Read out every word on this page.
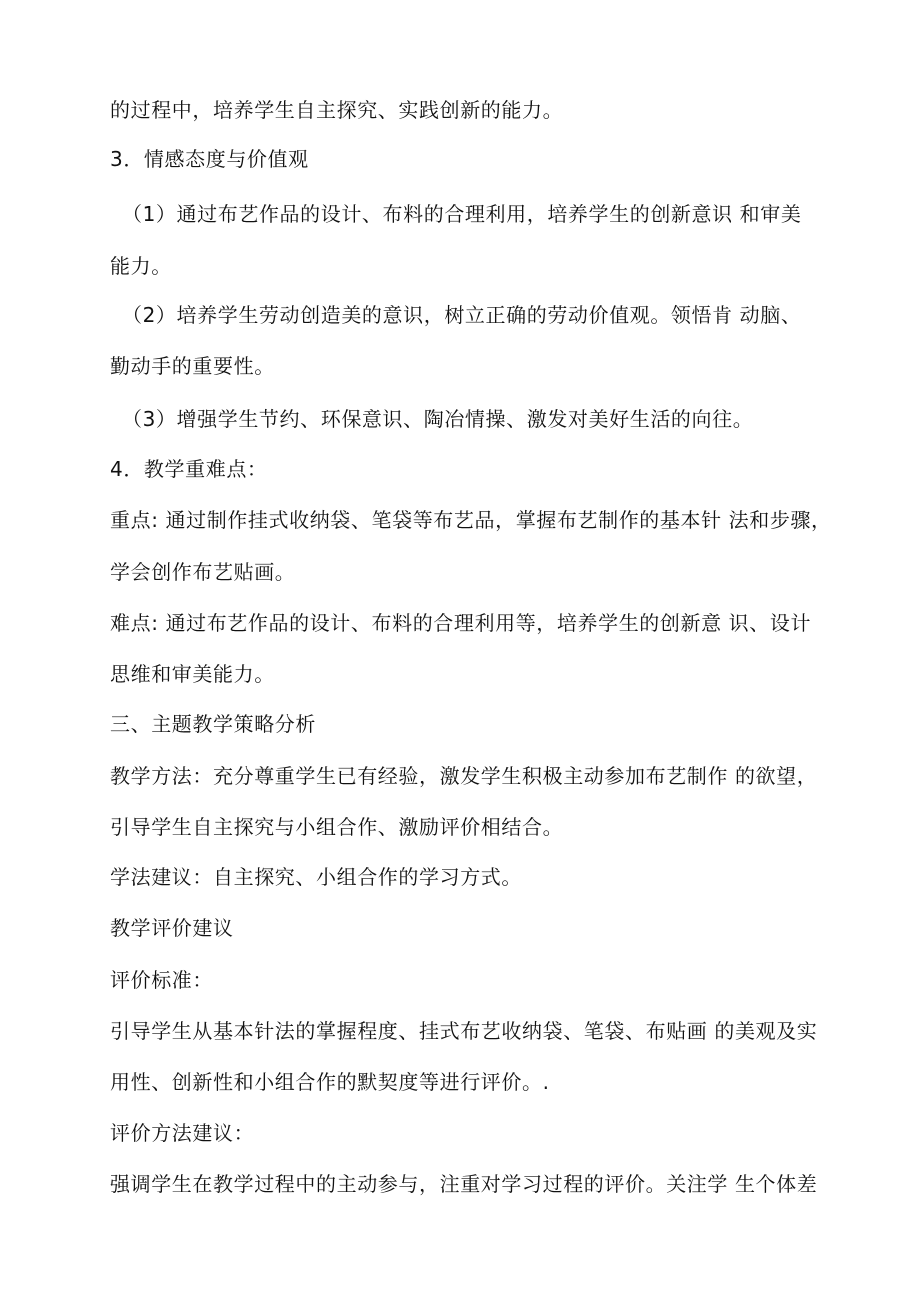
的过程中，培养学生自主探究、实践创新的能力。

3．情感态度与价值观

（1）通过布艺作品的设计、布料的合理利用，培养学生的创新意识 和审美

能力。

（2）培养学生劳动创造美的意识，树立正确的劳动价值观。领悟肯 动脑、

勤动手的重要性。

（3）增强学生节约、环保意识、陶冶情操、激发对美好生活的向往。

4．教学重难点：

重点: 通过制作挂式收纳袋、笔袋等布艺品，掌握布艺制作的基本针 法和步骤，

学会创作布艺贴画。

难点: 通过布艺作品的设计、布料的合理利用等，培养学生的创新意 识、设计

思维和审美能力。

三、主题教学策略分析

教学方法：充分尊重学生已有经验，激发学生积极主动参加布艺制作 的欲望，

引导学生自主探究与小组合作、激励评价相结合。

学法建议：自主探究、小组合作的学习方式。

教学评价建议

评价标准：

引导学生从基本针法的掌握程度、挂式布艺收纳袋、笔袋、布贴画 的美观及实

用性、创新性和小组合作的默契度等进行评价。.

评价方法建议：

强调学生在教学过程中的主动参与，注重对学习过程的评价。关注学 生个体差
